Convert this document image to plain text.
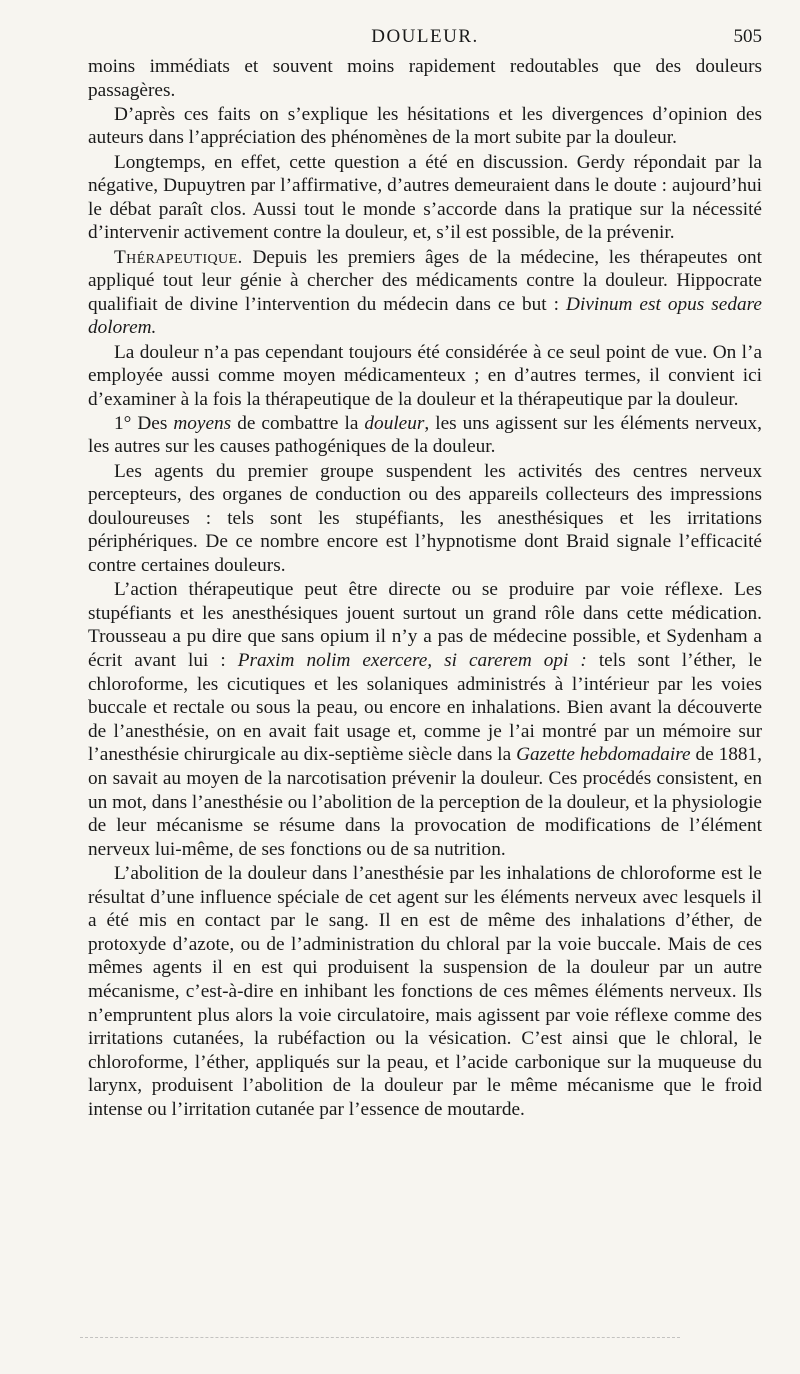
DOULEUR.	505

moins immédiats et souvent moins rapidement redoutables que des douleurs passagères.

D’après ces faits on s’explique les hésitations et les divergences d’opinion des auteurs dans l’appréciation des phénomènes de la mort subite par la douleur.

Longtemps, en effet, cette question a été en discussion. Gerdy répondait par la négative, Dupuytren par l’affirmative, d’autres demeuraient dans le doute : aujourd’hui le débat paraît clos. Aussi tout le monde s’accorde dans la pratique sur la nécessité d’intervenir activement contre la douleur, et, s’il est possible, de la prévenir.

Thérapeutique. Depuis les premiers âges de la médecine, les thérapeutes ont appliqué tout leur génie à chercher des médicaments contre la douleur. Hippocrate qualifiait de divine l’intervention du médecin dans ce but : Divinum est opus sedare dolorem.

La douleur n’a pas cependant toujours été considérée à ce seul point de vue. On l’a employée aussi comme moyen médicamenteux ; en d’autres termes, il convient ici d’examiner à la fois la thérapeutique de la douleur et la thérapeutique par la douleur.

1° Des moyens de combattre la douleur, les uns agissent sur les éléments nerveux, les autres sur les causes pathogéniques de la douleur.

Les agents du premier groupe suspendent les activités des centres nerveux percepteurs, des organes de conduction ou des appareils collecteurs des impressions douloureuses : tels sont les stupéfiants, les anesthésiques et les irritations périphériques. De ce nombre encore est l’hypnotisme dont Braid signale l’efficacité contre certaines douleurs.

L’action thérapeutique peut être directe ou se produire par voie réflexe. Les stupéfiants et les anesthésiques jouent surtout un grand rôle dans cette médication. Trousseau a pu dire que sans opium il n’y a pas de médecine possible, et Sydenham a écrit avant lui : Praxim nolim exercere, si carerem opi : tels sont l’éther, le chloroforme, les cicutiques et les solaniques administrés à l’intérieur par les voies buccale et rectale ou sous la peau, ou encore en inhalations. Bien avant la découverte de l’anesthésie, on en avait fait usage et, comme je l’ai montré par un mémoire sur l’anesthésie chirurgicale au dix-septième siècle dans la Gazette hebdomadaire de 1881, on savait au moyen de la narcotisation prévenir la douleur. Ces procédés consistent, en un mot, dans l’anesthésie ou l’abolition de la perception de la douleur, et la physiologie de leur mécanisme se résume dans la provocation de modifications de l’élément nerveux lui-même, de ses fonctions ou de sa nutrition.

L’abolition de la douleur dans l’anesthésie par les inhalations de chloroforme est le résultat d’une influence spéciale de cet agent sur les éléments nerveux avec lesquels il a été mis en contact par le sang. Il en est de même des inhalations d’éther, de protoxyde d’azote, ou de l’administration du chloral par la voie buccale. Mais de ces mêmes agents il en est qui produisent la suspension de la douleur par un autre mécanisme, c’est-à-dire en inhibant les fonctions de ces mêmes éléments nerveux. Ils n’empruntent plus alors la voie circulatoire, mais agissent par voie réflexe comme des irritations cutanées, la rubéfaction ou la vésication. C’est ainsi que le chloral, le chloroforme, l’éther, appliqués sur la peau, et l’acide carbonique sur la muqueuse du larynx, produisent l’abolition de la douleur par le même mécanisme que le froid intense ou l’irritation cutanée par l’essence de moutarde.
